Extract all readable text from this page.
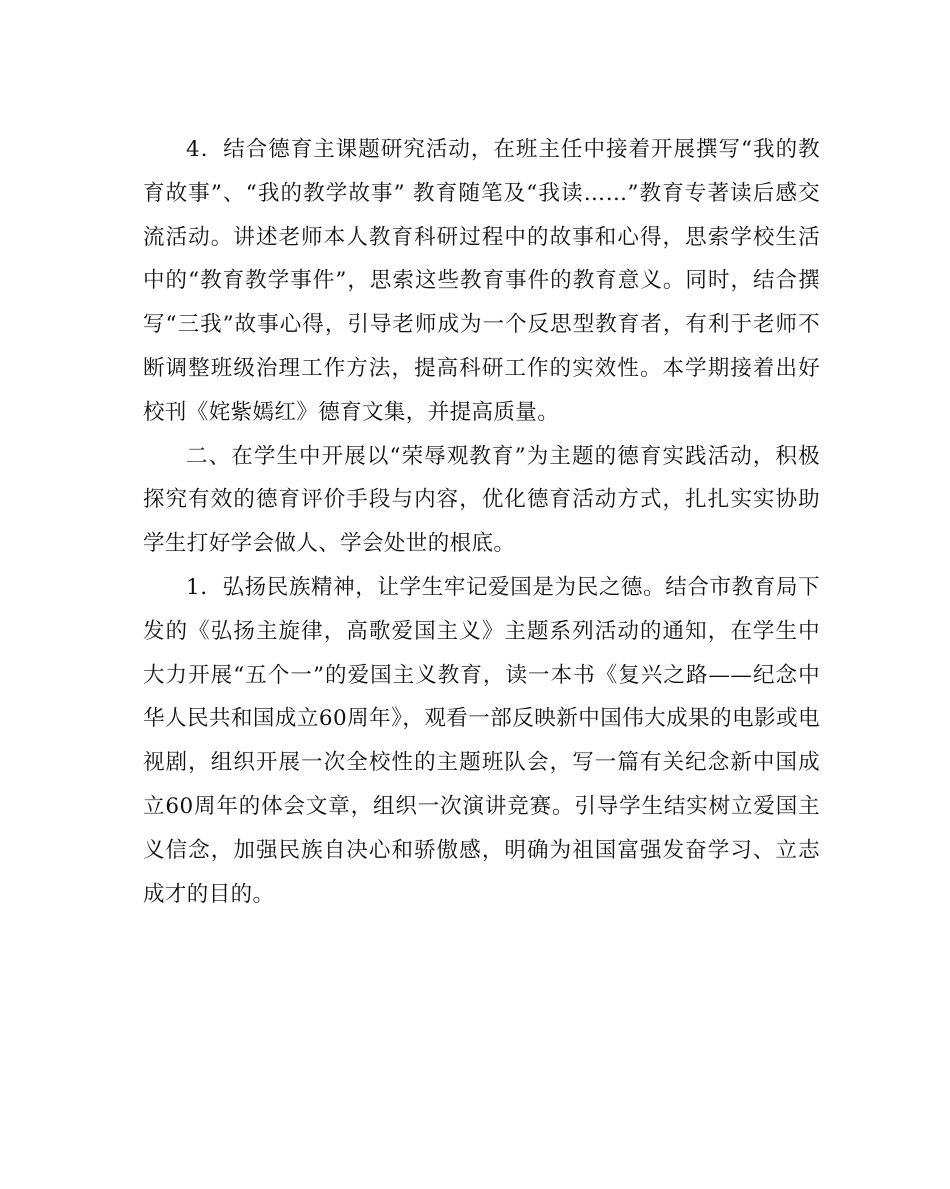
4．结合德育主课题研究活动，在班主任中接着开展撰写“我的教育故事”、“我的教学故事” 教育随笔及“我读……”教育专著读后感交流活动。讲述老师本人教育科研过程中的故事和心得，思索学校生活中的“教育教学事件”，思索这些教育事件的教育意义。同时，结合撰写“三我”故事心得，引导老师成为一个反思型教育者，有利于老师不断调整班级治理工作方法，提高科研工作的实效性。本学期接着出好校刊《姹紫嫣红》德育文集，并提高质量。

二、在学生中开展以“荣辱观教育”为主题的德育实践活动，积极探究有效的德育评价手段与内容，优化德育活动方式，扎扎实实协助学生打好学会做人、学会处世的根底。

1．弘扬民族精神，让学生牢记爱国是为民之德。结合市教育局下发的《弘扬主旋律，高歌爱国主义》主题系列活动的通知，在学生中大力开展“五个一”的爱国主义教育，读一本书《复兴之路——纪念中华人民共和国成立60周年》，观看一部反映新中国伟大成果的电影或电视剧，组织开展一次全校性的主题班队会，写一篇有关纪念新中国成立60周年的体会文章，组织一次演讲竞赛。引导学生结实树立爱国主义信念，加强民族自决心和骄傲感，明确为祖国富强发奋学习、立志成才的目的。
